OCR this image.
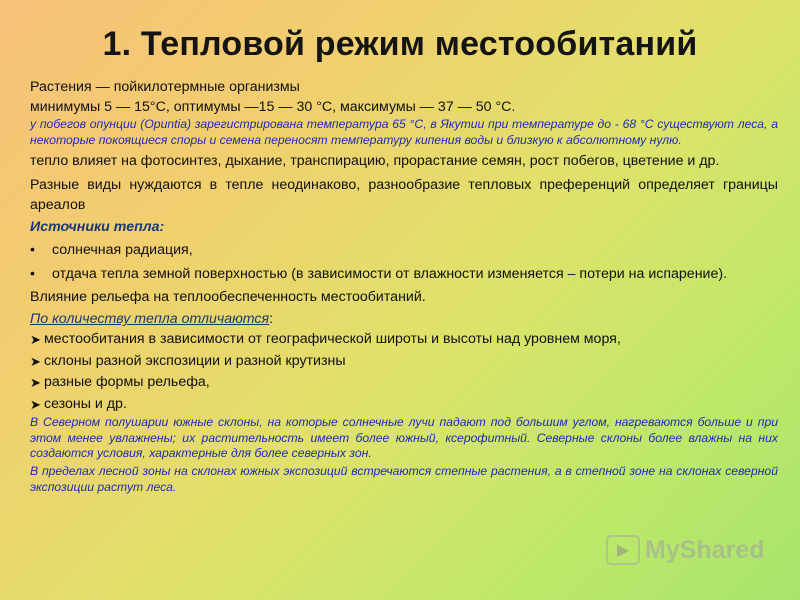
1. Тепловой режим местообитаний

Растения — пойкилотермные организмы

минимумы 5 — 15°С, оптимумы —15 — 30 °С, максимумы — 37 — 50 °С.

у побегов опунции (Opuntia) зарегистрирована температура 65 °С, в Якутии при температуре до - 68 °С существуют леса, а некоторые покоящиеся споры и семена переносят температуру кипения воды и близкую к абсолютному нулю.

тепло влияет на фотосинтез, дыхание, транспирацию, прорастание семян, рост побегов, цветение и др.

Разные виды нуждаются в тепле неодинаково, разнообразие тепловых преференций определяет границы ареалов

Источники тепла:

•	солнечная радиация,
•	отдача тепла земной поверхностью (в зависимости от влажности изменяется – потери на испарение).

Влияние рельефа на теплообеспеченность местообитаний.

По количеству тепла отличаются:

➤ местообитания в зависимости от географической широты и высоты над уровнем моря,
➤ склоны разной экспозиции и разной крутизны
➤ разные формы рельефа,
➤ сезоны и др.

В Северном полушарии южные склоны, на которые солнечные лучи падают под большим углом, нагреваются больше и при этом менее увлажнены; их растительность имеет более южный, ксерофитный. Северные склоны более влажны на них создаются условия, характерные для более северных зон.

В пределах лесной зоны на склонах южных экспозиций встречаются степные растения, а в степной зоне на склонах северной экспозиции растут леса.

▶ MyShared
